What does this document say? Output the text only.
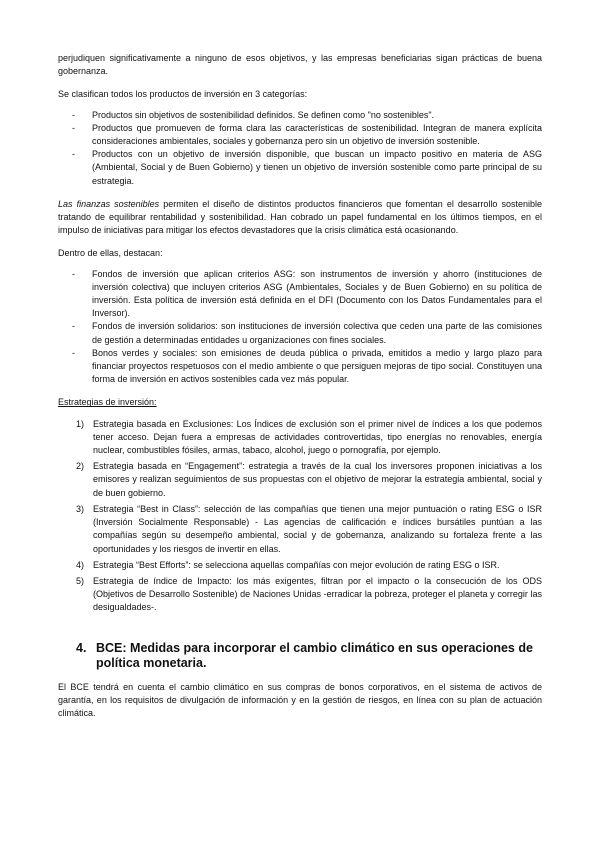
perjudiquen significativamente a ninguno de esos objetivos, y las empresas beneficiarias sigan prácticas de buena gobernanza.

Se clasifican todos los productos de inversión en 3 categorías:

- Productos sin objetivos de sostenibilidad definidos. Se definen como "no sostenibles".
- Productos que promueven de forma clara las características de sostenibilidad. Integran de manera explícita consideraciones ambientales, sociales y gobernanza pero sin un objetivo de inversión sostenible.
- Productos con un objetivo de inversión disponible, que buscan un impacto positivo en materia de ASG (Ambiental, Social y de Buen Gobierno) y tienen un objetivo de inversión sostenible como parte principal de su estrategia.

Las finanzas sostenibles permiten el diseño de distintos productos financieros que fomentan el desarrollo sostenible tratando de equilibrar rentabilidad y sostenibilidad. Han cobrado un papel fundamental en los últimos tiempos, en el impulso de iniciativas para mitigar los efectos devastadores que la crisis climática está ocasionando.

Dentro de ellas, destacan:

- Fondos de inversión que aplican criterios ASG: son instrumentos de inversión y ahorro (instituciones de inversión colectiva) que incluyen criterios ASG (Ambientales, Sociales y de Buen Gobierno) en su política de inversión. Esta política de inversión está definida en el DFI (Documento con los Datos Fundamentales para el Inversor).
- Fondos de inversión solidarios: son instituciones de inversión colectiva que ceden una parte de las comisiones de gestión a determinadas entidades u organizaciones con fines sociales.
- Bonos verdes y sociales: son emisiones de deuda pública o privada, emitidos a medio y largo plazo para financiar proyectos respetuosos con el medio ambiente o que persiguen mejoras de tipo social. Constituyen una forma de inversión en activos sostenibles cada vez más popular.

Estrategias de inversión:

1) Estrategia basada en Exclusiones: Los Índices de exclusión son el primer nivel de índices a los que podemos tener acceso. Dejan fuera a empresas de actividades controvertidas, tipo energías no renovables, energía nuclear, combustibles fósiles, armas, tabaco, alcohol, juego o pornografía, por ejemplo.
2) Estrategia basada en “Engagement”: estrategia a través de la cual los inversores proponen iniciativas a los emisores y realizan seguimientos de sus propuestas con el objetivo de mejorar la estrategia ambiental, social y de buen gobierno.
3) Estrategia “Best in Class”: selección de las compañías que tienen una mejor puntuación o rating ESG o ISR (Inversión Socialmente Responsable) - Las agencias de calificación e índices bursátiles puntúan a las compañías según su desempeño ambiental, social y de gobernanza, analizando su fortaleza frente a las oportunidades y los riesgos de invertir en ellas.
4) Estrategia “Best Efforts”: se selecciona aquellas compañías con mejor evolución de rating ESG o ISR.
5) Estrategia de índice de Impacto: los más exigentes, filtran por el impacto o la consecución de los ODS (Objetivos de Desarrollo Sostenible) de Naciones Unidas -erradicar la pobreza, proteger el planeta y corregir las desigualdades-.
4. BCE: Medidas para incorporar el cambio climático en sus operaciones de política monetaria.

El BCE tendrá en cuenta el cambio climático en sus compras de bonos corporativos, en el sistema de activos de garantía, en los requisitos de divulgación de información y en la gestión de riesgos, en línea con su plan de actuación climática.
